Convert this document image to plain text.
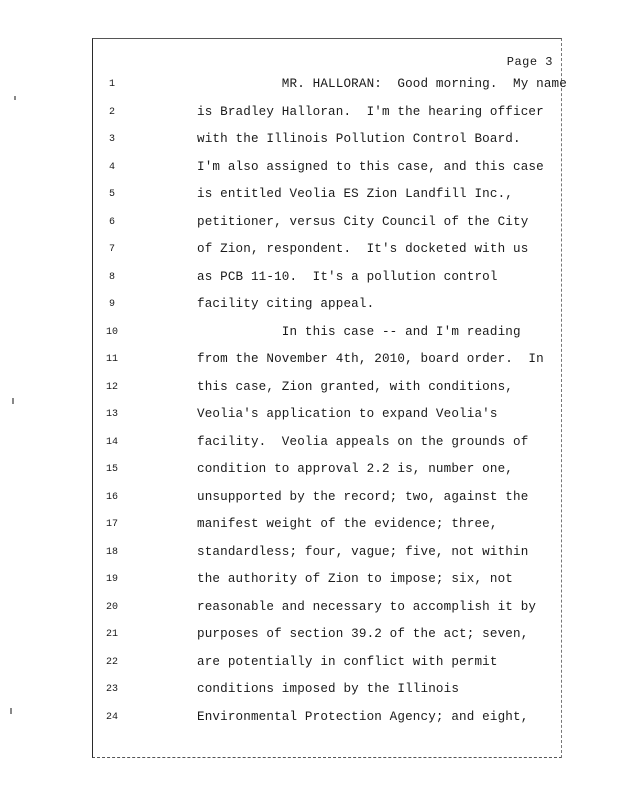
Page 3
1	MR. HALLORAN:  Good morning.  My name
2	is Bradley Halloran.  I'm the hearing officer
3	with the Illinois Pollution Control Board.
4	I'm also assigned to this case, and this case
5	is entitled Veolia ES Zion Landfill Inc.,
6	petitioner, versus City Council of the City
7	of Zion, respondent.  It's docketed with us
8	as PCB 11-10.  It's a pollution control
9	facility citing appeal.
10	In this case -- and I'm reading
11	from the November 4th, 2010, board order.  In
12	this case, Zion granted, with conditions,
13	Veolia's application to expand Veolia's
14	facility.  Veolia appeals on the grounds of
15	condition to approval 2.2 is, number one,
16	unsupported by the record; two, against the
17	manifest weight of the evidence; three,
18	standardless; four, vague; five, not within
19	the authority of Zion to impose; six, not
20	reasonable and necessary to accomplish it by
21	purposes of section 39.2 of the act; seven,
22	are potentially in conflict with permit
23	conditions imposed by the Illinois
24	Environmental Protection Agency; and eight,
